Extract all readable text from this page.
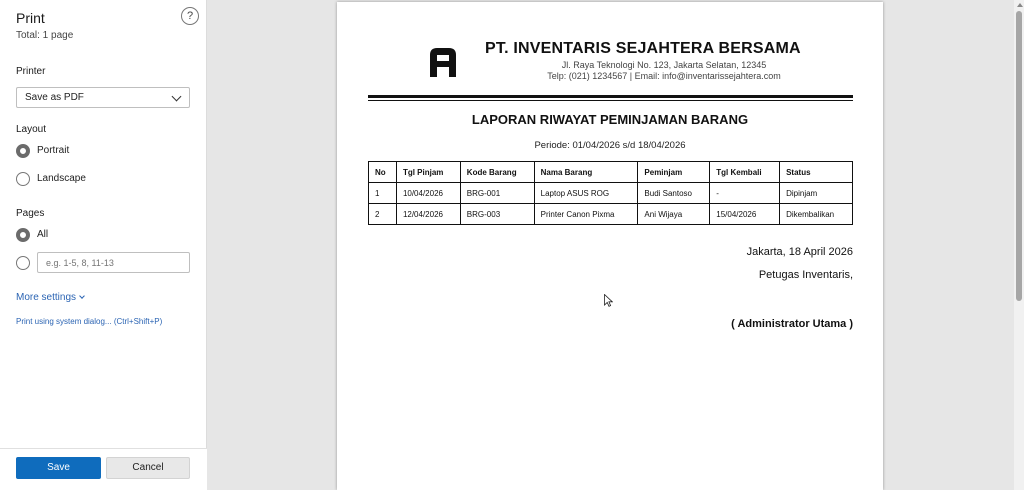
Print
Total: 1 page
?
Printer
Save as PDF
Layout
Portrait
Landscape
Pages
All
e.g. 1-5, 8, 11-13
More settings
Print using system dialog... (Ctrl+Shift+P)
Save	Cancel
PT. INVENTARIS SEJAHTERA BERSAMA
Jl. Raya Teknologi No. 123, Jakarta Selatan, 12345
Telp: (021) 1234567 | Email: info@inventarissejahtera.com
LAPORAN RIWAYAT PEMINJAMAN BARANG
Periode: 01/04/2026 s/d 18/04/2026
No	Tgl Pinjam	Kode Barang	Nama Barang	Peminjam	Tgl Kembali	Status
1	10/04/2026	BRG-001	Laptop ASUS ROG	Budi Santoso	-	Dipinjam
2	12/04/2026	BRG-003	Printer Canon Pixma	Ani Wijaya	15/04/2026	Dikembalikan
Jakarta, 18 April 2026
Petugas Inventaris,
( Administrator Utama )
